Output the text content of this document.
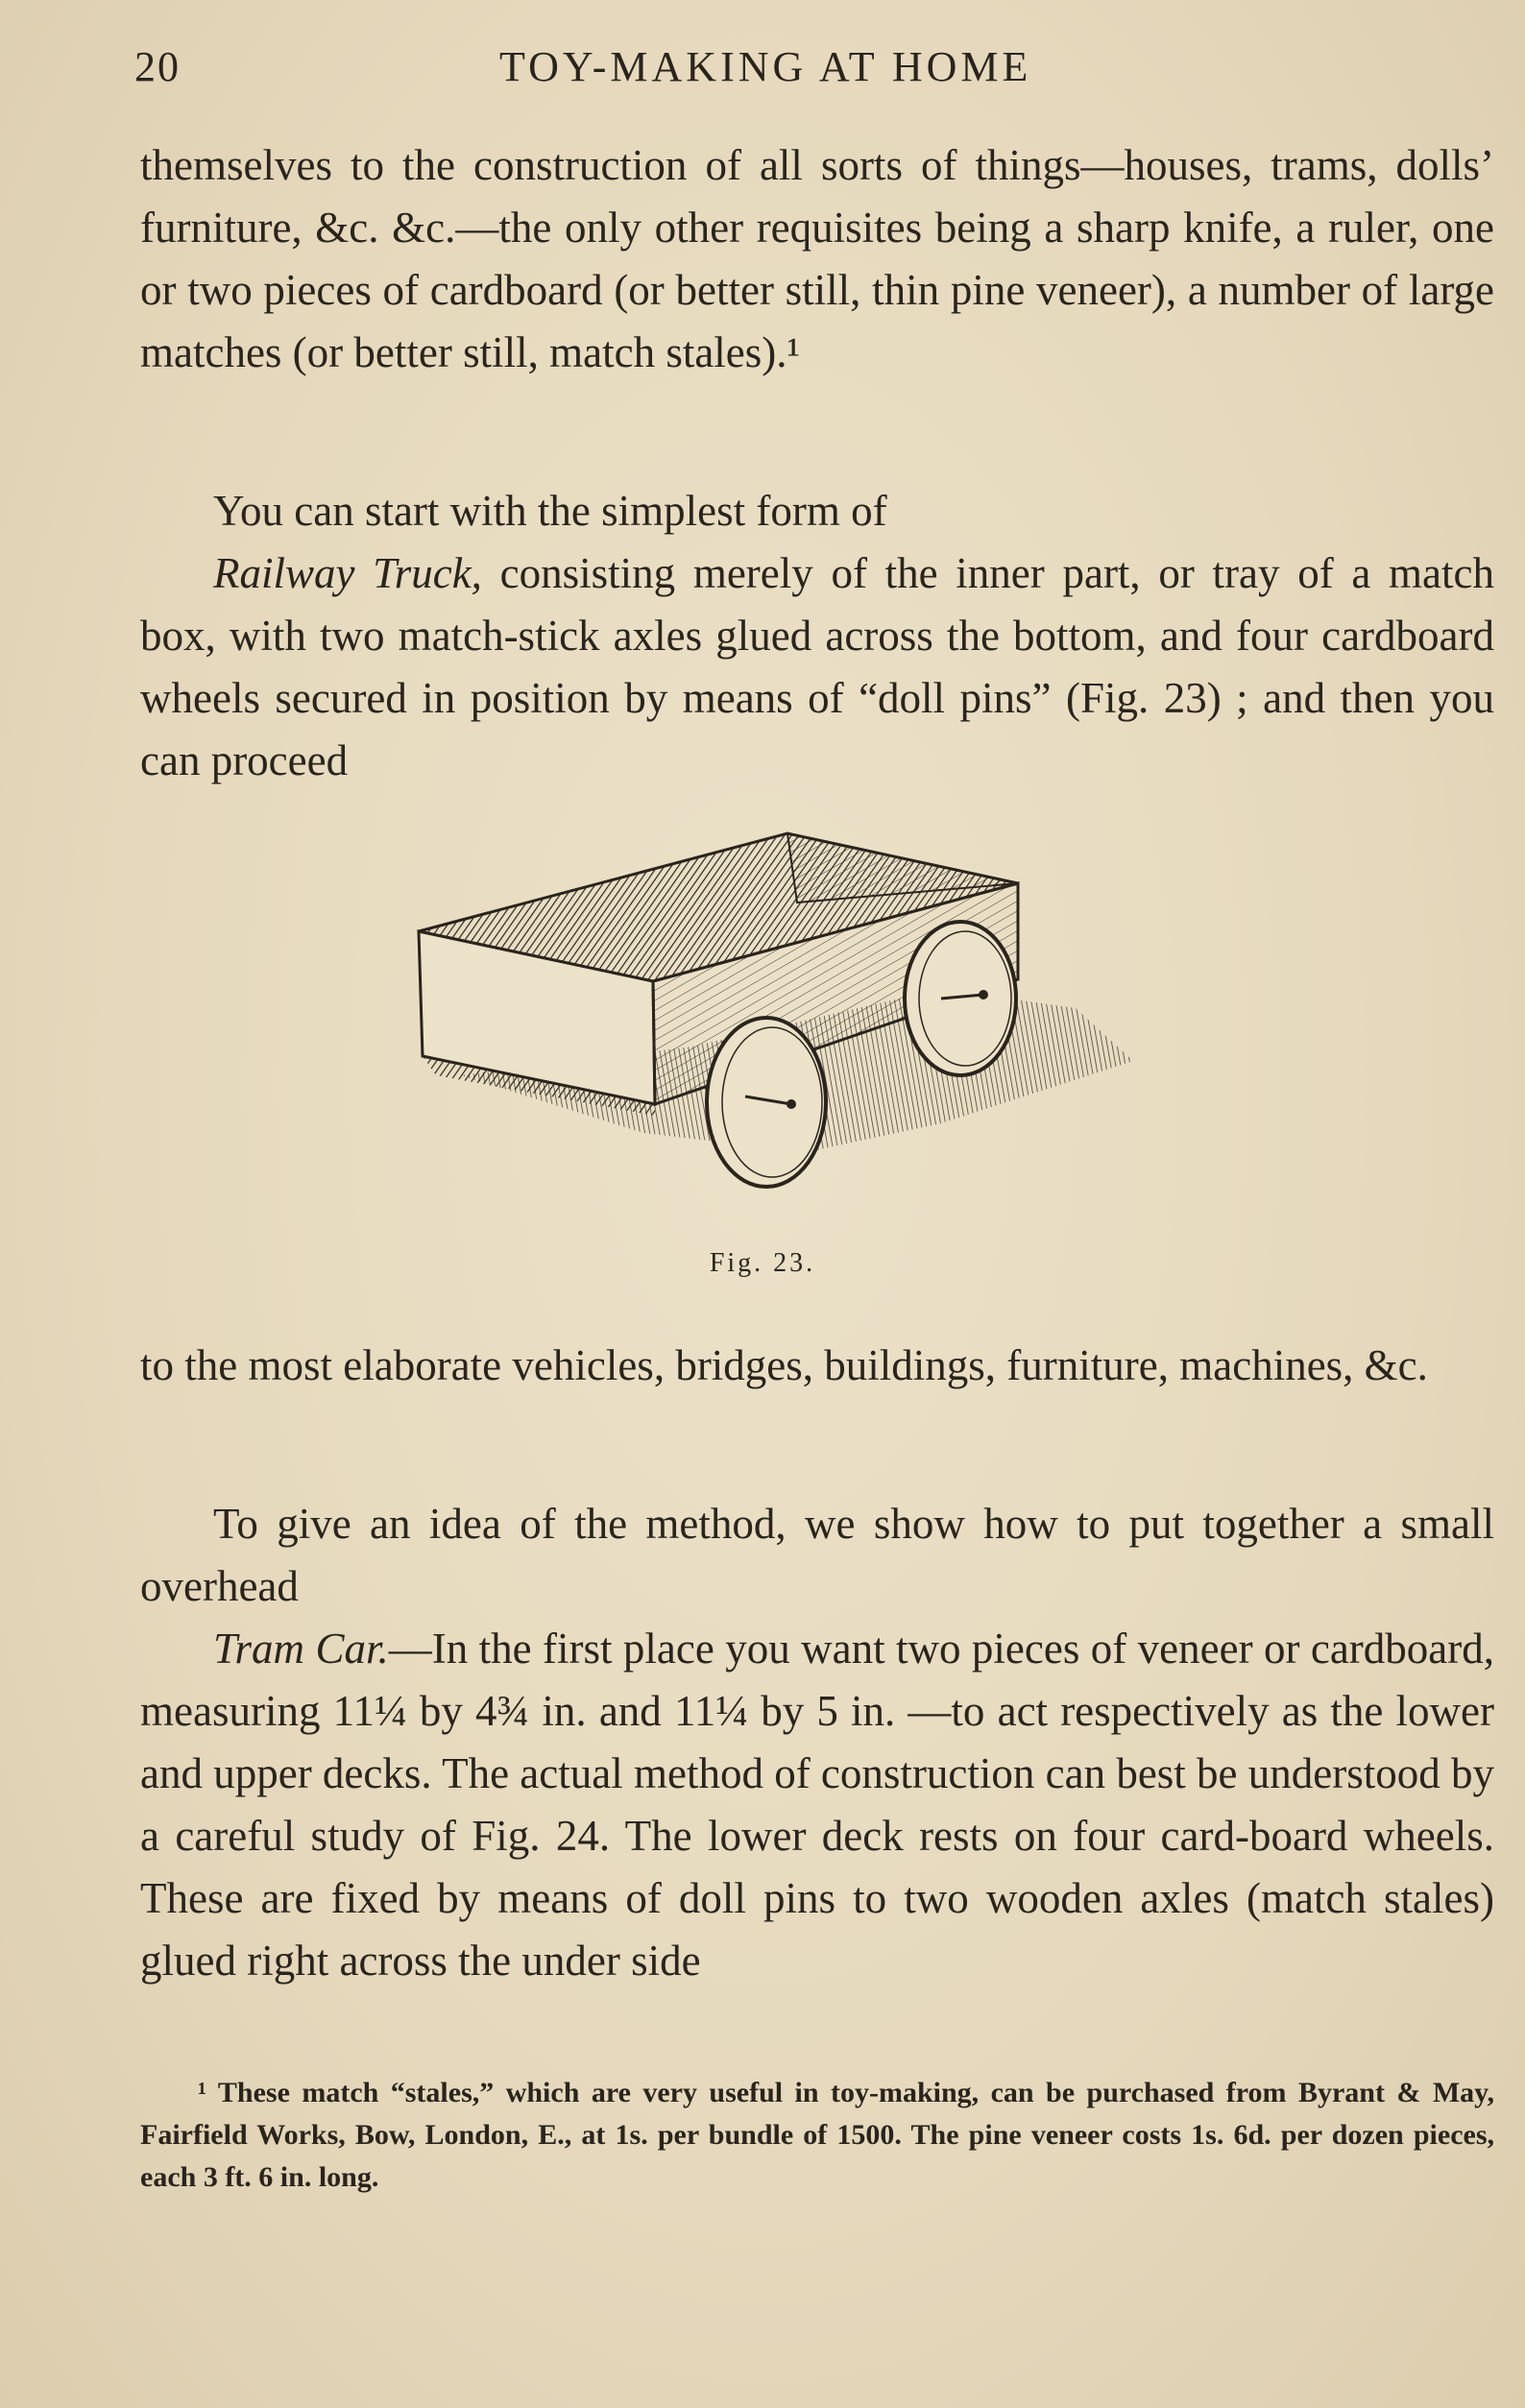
20	TOY-MAKING AT HOME

themselves to the construction of all sorts of things—houses, trams, dolls’ furniture, &c. &c.—the only other requisites being a sharp knife, a ruler, one or two pieces of cardboard (or better still, thin pine veneer), a number of large matches (or better still, match stales).¹

You can start with the simplest form of

Railway Truck, consisting merely of the inner part, or tray of a match box, with two match-stick axles glued across the bottom, and four cardboard wheels secured in position by means of “doll pins” (Fig. 23) ; and then you can proceed

Fig. 23.

to the most elaborate vehicles, bridges, buildings, furniture, machines, &c.

To give an idea of the method, we show how to put together a small overhead

Tram Car.—In the first place you want two pieces of veneer or cardboard, measuring 11¼ by 4¾ in. and 11¼ by 5 in. —to act respectively as the lower and upper decks. The actual method of construction can best be understood by a careful study of Fig. 24. The lower deck rests on four card-board wheels. These are fixed by means of doll pins to two wooden axles (match stales) glued right across the under side

¹ These match “stales,” which are very useful in toy-making, can be purchased from Byrant & May, Fairfield Works, Bow, London, E., at 1s. per bundle of 1500. The pine veneer costs 1s. 6d. per dozen pieces, each 3 ft. 6 in. long.
